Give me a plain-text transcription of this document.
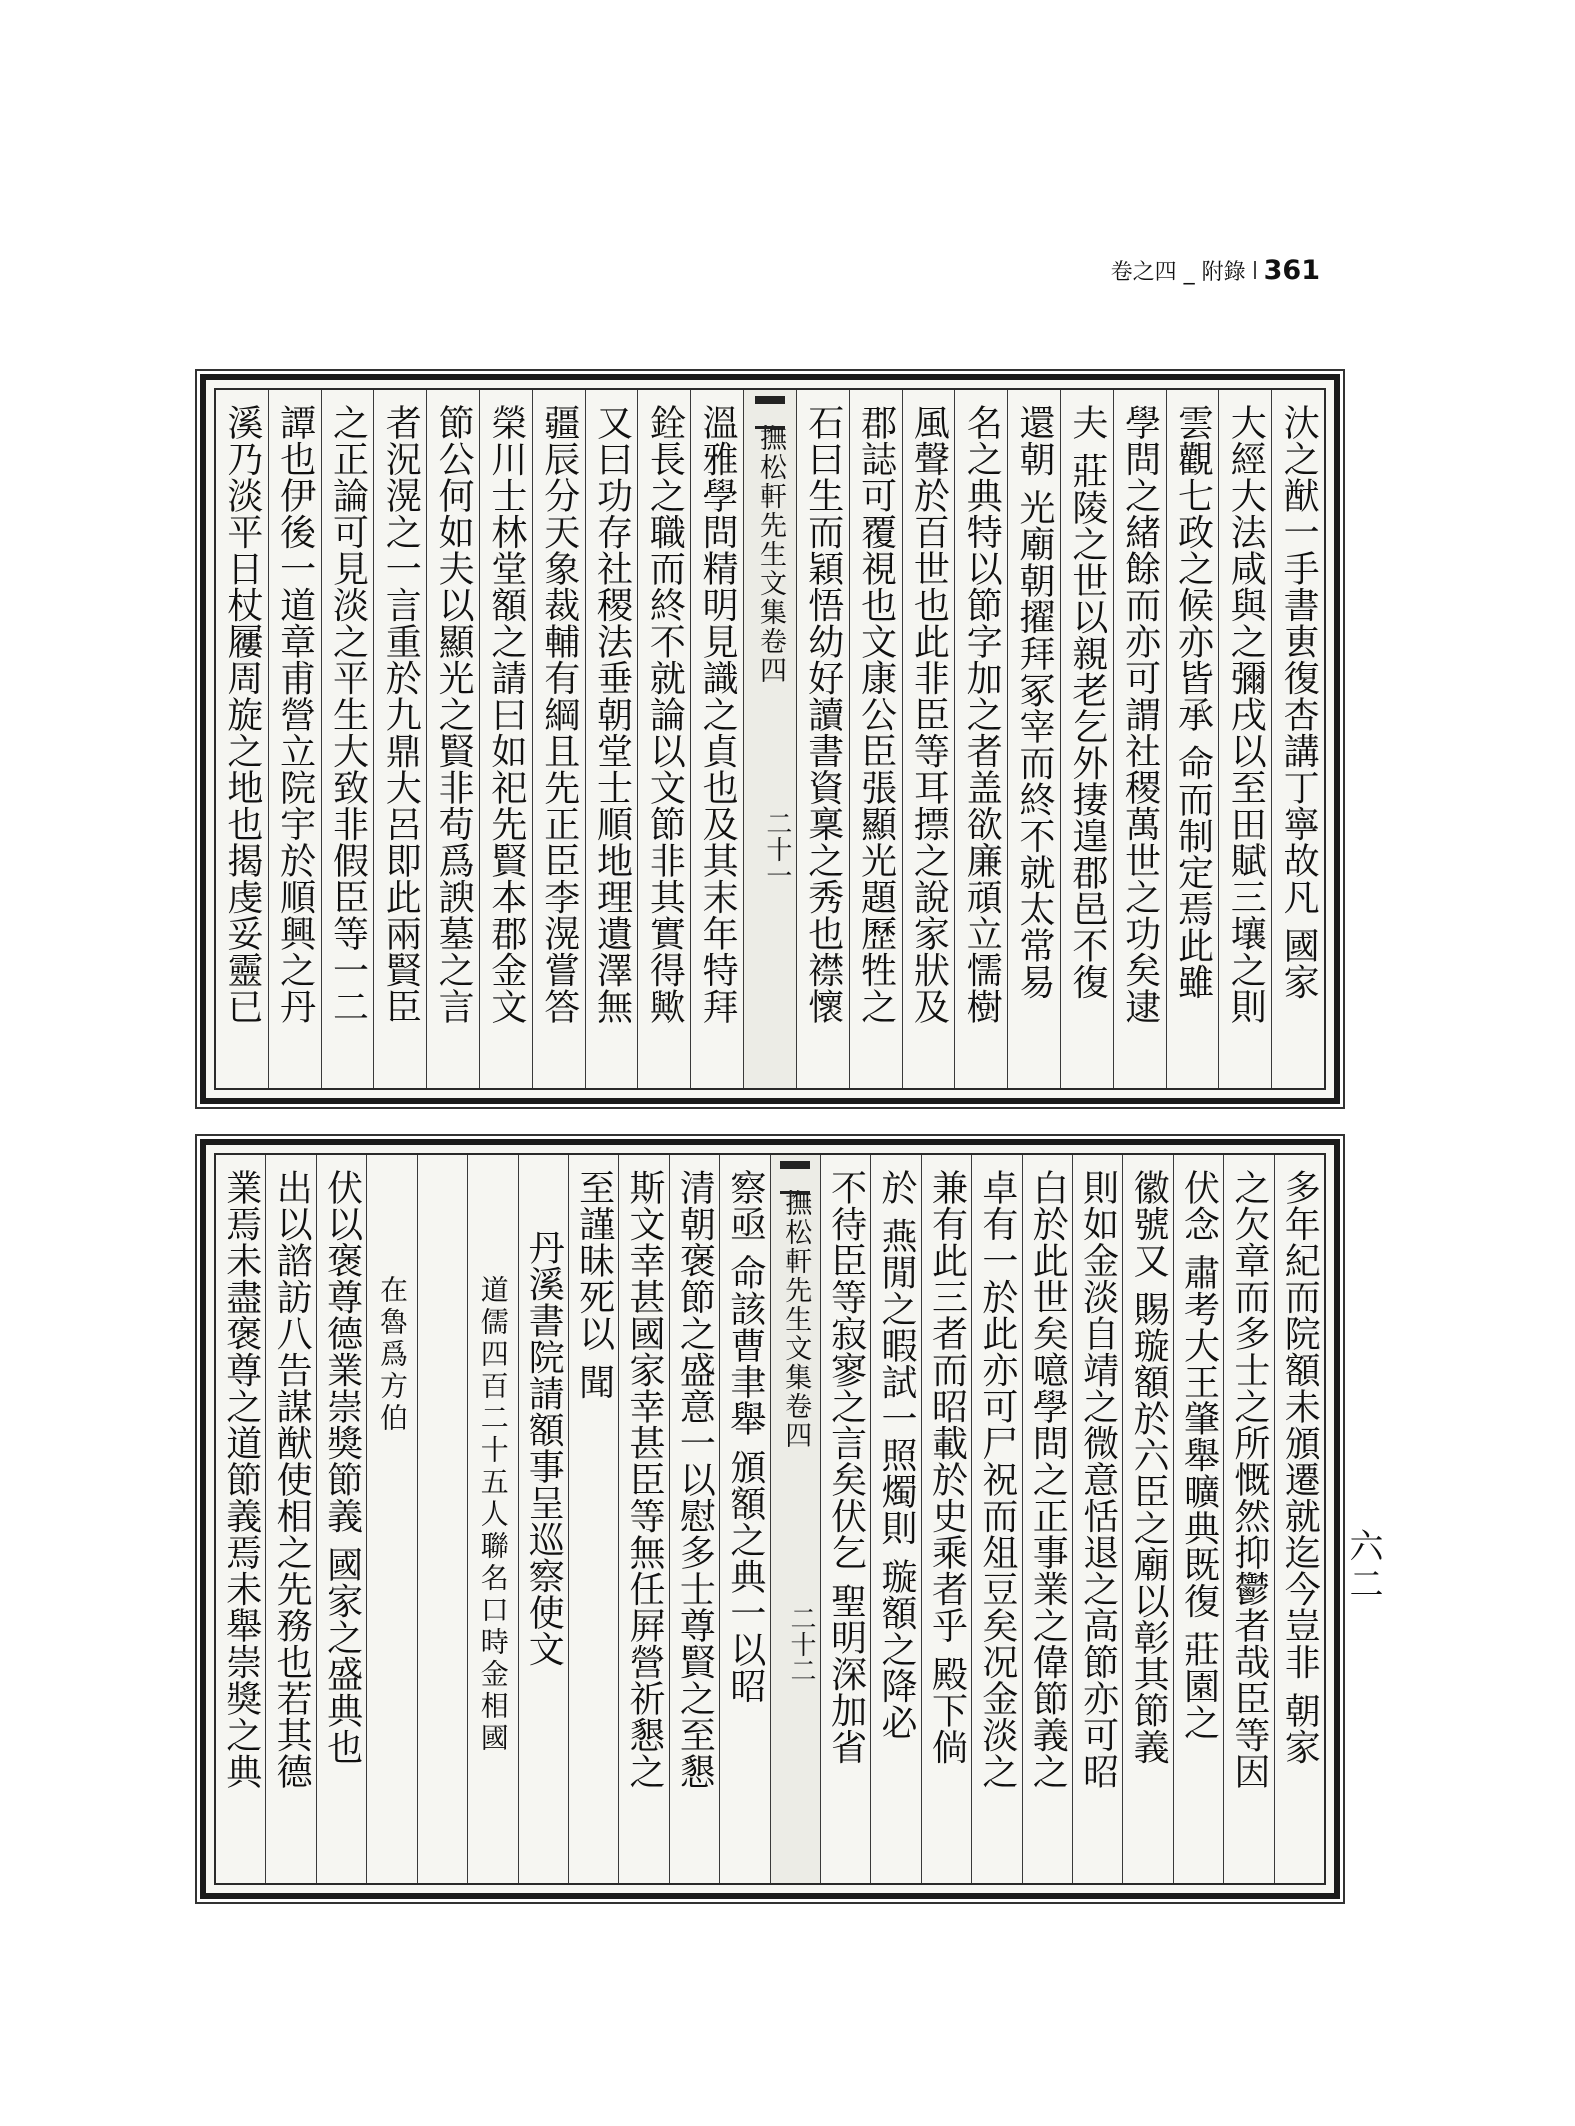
卷之四 _ 附錄 361
六二
汏之猷一手書叀復杏講丁寧故凡 國家
大經大法咸與之彌戌以至田賦三壤之則
雲觀七政之候亦皆承 命而制定焉此雖
學問之緒餘而亦可謂社稷萬世之功矣逮
夫 莊陵之世以親老乞外捿遑郡邑不復
還朝 光廟朝擢拜冢宰而終不就太常易
名之典特以節字加之者盖欲廉頑立懦樹
風聲於百世也此非臣等耳摽之說家狀及
郡誌可覆視也文康公臣張顯光題歷牲之
石曰生而穎悟幼好讀書資稟之秀也襟懷
撫松軒先生文集卷四
二十一
溫雅學問精明見識之貞也及其末年特拜
銓長之職而終不就論以文節非其實得歟
又曰功存社稷法垂朝堂士順地理遺澤無
疆辰分天象裁輔有綱且先正臣李滉嘗答
榮川士林堂額之請曰如祀先賢本郡金文
節公何如夫以顯光之賢非苟爲諛墓之言
者況滉之一言重於九鼎大呂即此兩賢臣
之正論可見淡之平生大致非假臣等一二
譚也伊後一道章甫營立院宇於順興之丹
溪乃淡平日杖屨周旋之地也揭虔妥靈已
多年紀而院額未頒遷就迄今豈非 朝家
之欠章而多士之所慨然抑鬱者哉臣等因
伏念 肅考大王肇舉曠典既復 莊園之
徽號又 賜璇額於六臣之廟以彰其節義
則如金淡自靖之微意恬退之高節亦可昭
白於此世矣噫學問之正事業之偉節義之
卓有一於此亦可尸祝而俎豆矣况金淡之
兼有此三者而昭載於史乘者乎 殿下倘
於 燕閒之暇試一照燭則 璇額之降必
不待臣等寂寥之言矣伏乞 聖明深加省
撫松軒先生文集卷四
二十二
察亟 命該曹聿舉 頒額之典一以昭
清朝褒節之盛意一以慰多士尊賢之至懇
斯文幸甚國家幸甚臣等無任屛營祈懇之
至謹昧死以 聞
丹溪書院請額事呈巡察使文
道儒四百二十五人聯名口時金相國
在魯爲方伯
伏以褒尊德業崇獎節義 國家之盛典也
出以諮訪八告謀猷使相之先務也若其德
業焉未盡褒尊之道節義焉未舉崇獎之典
